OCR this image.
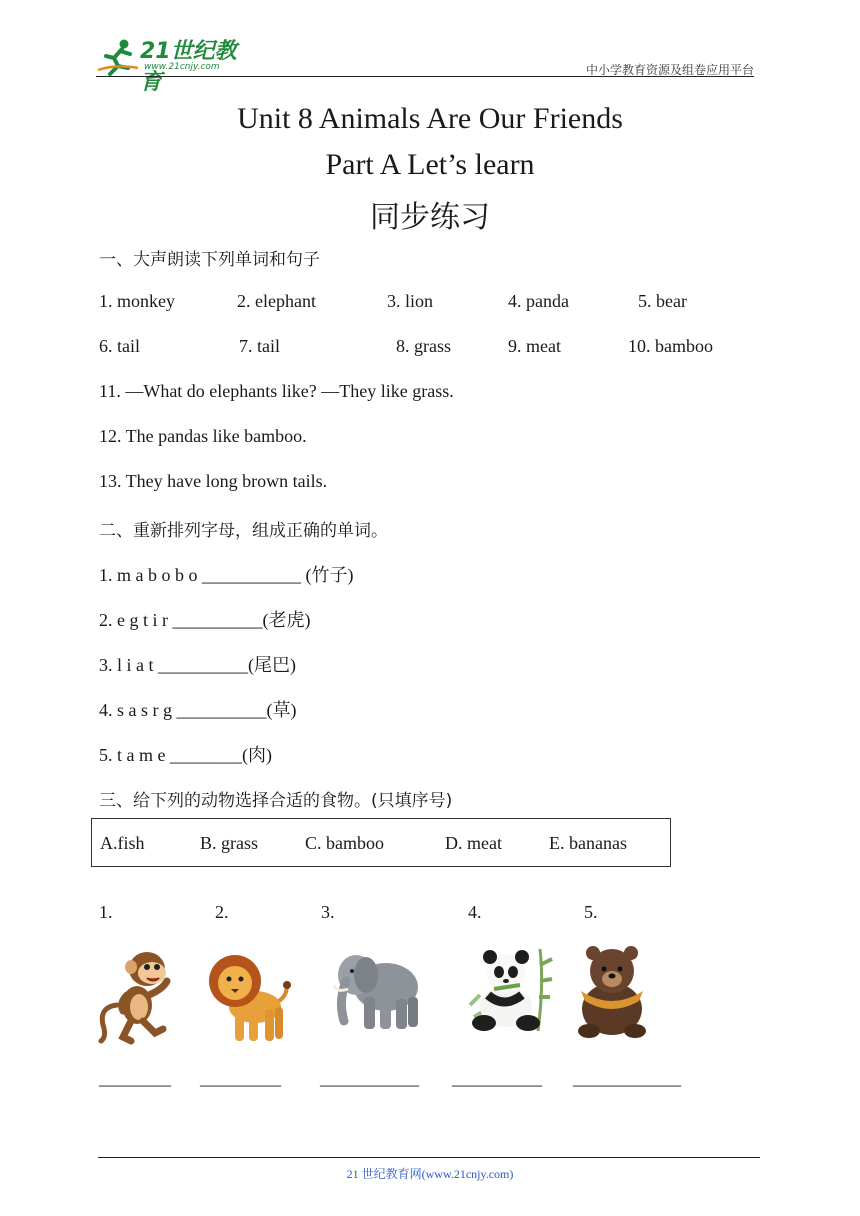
21世纪教育
www.21cnjy.com	中小学教育资源及组卷应用平台
Unit 8 Animals Are Our Friends
Part A Let’s learn
同步练习
一、大声朗读下列单词和句子
1. monkey	2. elephant	3. lion	4. panda	5. bear
6. tail	7. tail	8. grass	9. meat	10. bamboo
11. —What do elephants like? —They like grass.
12. The pandas like bamboo.
13. They have long brown tails.
二、重新排列字母，组成正确的单词。
1. m a b o b o ___________ (竹子)
2. e g t i r __________(老虎)
3. l i a t __________(尾巴)
4. s a s r g __________(草)
5. t a m e ________(肉)
三、给下列的动物选择合适的食物。(只填序号)
A.fish	B. grass	C. bamboo	D. meat	E. bananas
1.	2.	3.	4.	5.
________ _________ ___________ __________ ____________
21 世纪教育网(www.21cnjy.com)
